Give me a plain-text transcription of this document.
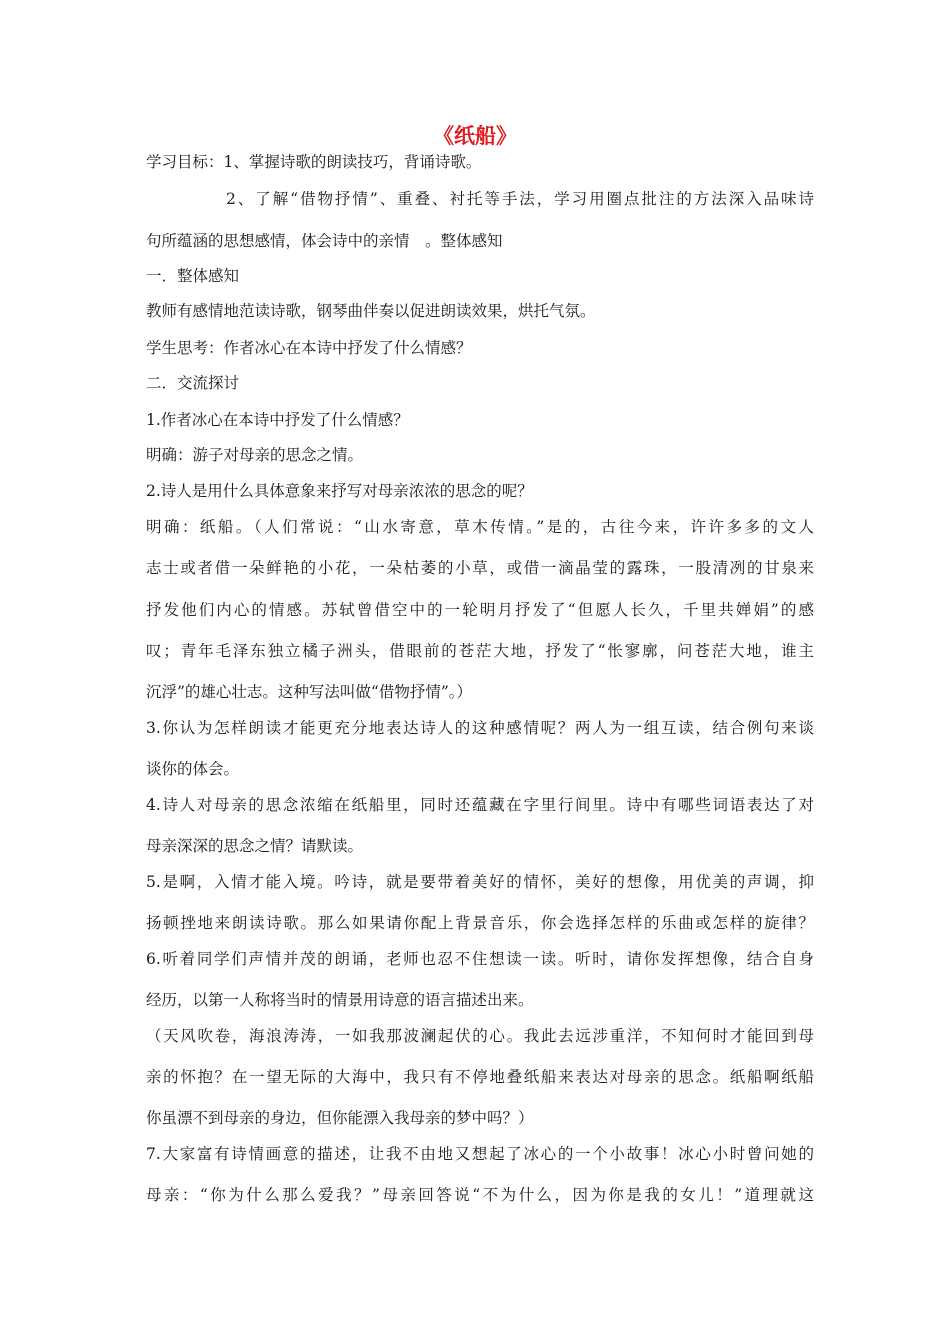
《纸船》
学习目标：1、掌握诗歌的朗读技巧，背诵诗歌。
2、了解“借物抒情”、重叠、衬托等手法，学习用圈点批注的方法深入品味诗
句所蕴涵的思想感情，体会诗中的亲情　。整体感知
一．整体感知
教师有感情地范读诗歌，钢琴曲伴奏以促进朗读效果，烘托气氛。
学生思考：作者冰心在本诗中抒发了什么情感？
二．交流探讨
1.作者冰心在本诗中抒发了什么情感？
明确：游子对母亲的思念之情。
2.诗人是用什么具体意象来抒写对母亲浓浓的思念的呢？
明确：纸船。（人们常说：“山水寄意，草木传情。”是的，古往今来，许许多多的文人
志士或者借一朵鲜艳的小花，一朵枯萎的小草，或借一滴晶莹的露珠，一股清冽的甘泉来
抒发他们内心的情感。苏轼曾借空中的一轮明月抒发了“但愿人长久，千里共婵娟”的感
叹；青年毛泽东独立橘子洲头，借眼前的苍茫大地，抒发了“怅寥廓，问苍茫大地，谁主
沉浮”的雄心壮志。这种写法叫做“借物抒情”。）
3.你认为怎样朗读才能更充分地表达诗人的这种感情呢？两人为一组互读，结合例句来谈
谈你的体会。
4.诗人对母亲的思念浓缩在纸船里，同时还蕴藏在字里行间里。诗中有哪些词语表达了对
母亲深深的思念之情？请默读。
5.是啊，入情才能入境。吟诗，就是要带着美好的情怀，美好的想像，用优美的声调，抑
扬顿挫地来朗读诗歌。那么如果请你配上背景音乐，你会选择怎样的乐曲或怎样的旋律？
6.听着同学们声情并茂的朗诵，老师也忍不住想读一读。听时，请你发挥想像，结合自身
经历，以第一人称将当时的情景用诗意的语言描述出来。
（天风吹卷，海浪涛涛，一如我那波澜起伏的心。我此去远涉重洋，不知何时才能回到母
亲的怀抱？在一望无际的大海中，我只有不停地叠纸船来表达对母亲的思念。纸船啊纸船
你虽漂不到母亲的身边，但你能漂入我母亲的梦中吗？）
7.大家富有诗情画意的描述，让我不由地又想起了冰心的一个小故事！冰心小时曾问她的
母亲：“你为什么那么爱我？”母亲回答说“不为什么，因为你是我的女儿！”道理就这
